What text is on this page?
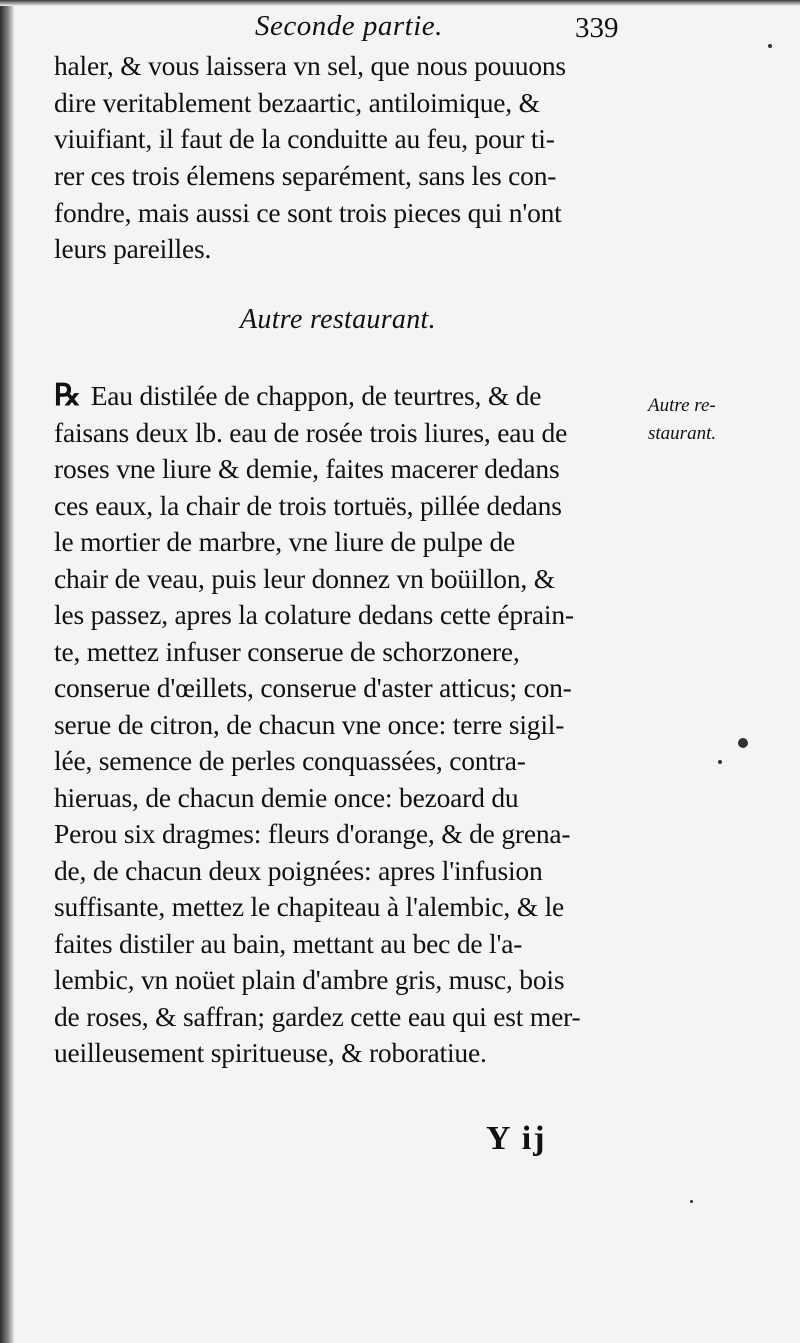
Seconde partie.	339
haler, & vous laissera vn sel, que nous pouuons
dire veritablement bezaartic, antiloimique, &
viuifiant, il faut de la conduitte au feu, pour ti-
rer ces trois élemens separément, sans les con-
fondre, mais aussi ce sont trois pieces qui n'ont
leurs pareilles.
Autre restaurant.
℞ Eau distilée de chappon, de teurtres, & de
faisans deux lb. eau de rosée trois liures, eau de
roses vne liure & demie, faites macerer dedans
ces eaux, la chair de trois tortuës, pillée dedans
le mortier de marbre, vne liure de pulpe de
chair de veau, puis leur donnez vn boüillon, &
les passez, apres la colature dedans cette éprain-
te, mettez infuser conserue de schorzonere,
conserue d'œillets, conserue d'aster atticus; con-
serue de citron, de chacun vne once: terre sigil-
lée, semence de perles conquassées, contra-
hieruas, de chacun demie once: bezoard du
Perou six dragmes: fleurs d'orange, & de grena-
de, de chacun deux poignées: apres l'infusion
suffisante, mettez le chapiteau à l'alembic, & le
faites distiler au bain, mettant au bec de l'a-
lembic, vn noüet plain d'ambre gris, musc, bois
de roses, & saffran; gardez cette eau qui est mer-
ueilleusement spiritueuse, & roboratiue.
Autre re-
staurant.
Y ij
